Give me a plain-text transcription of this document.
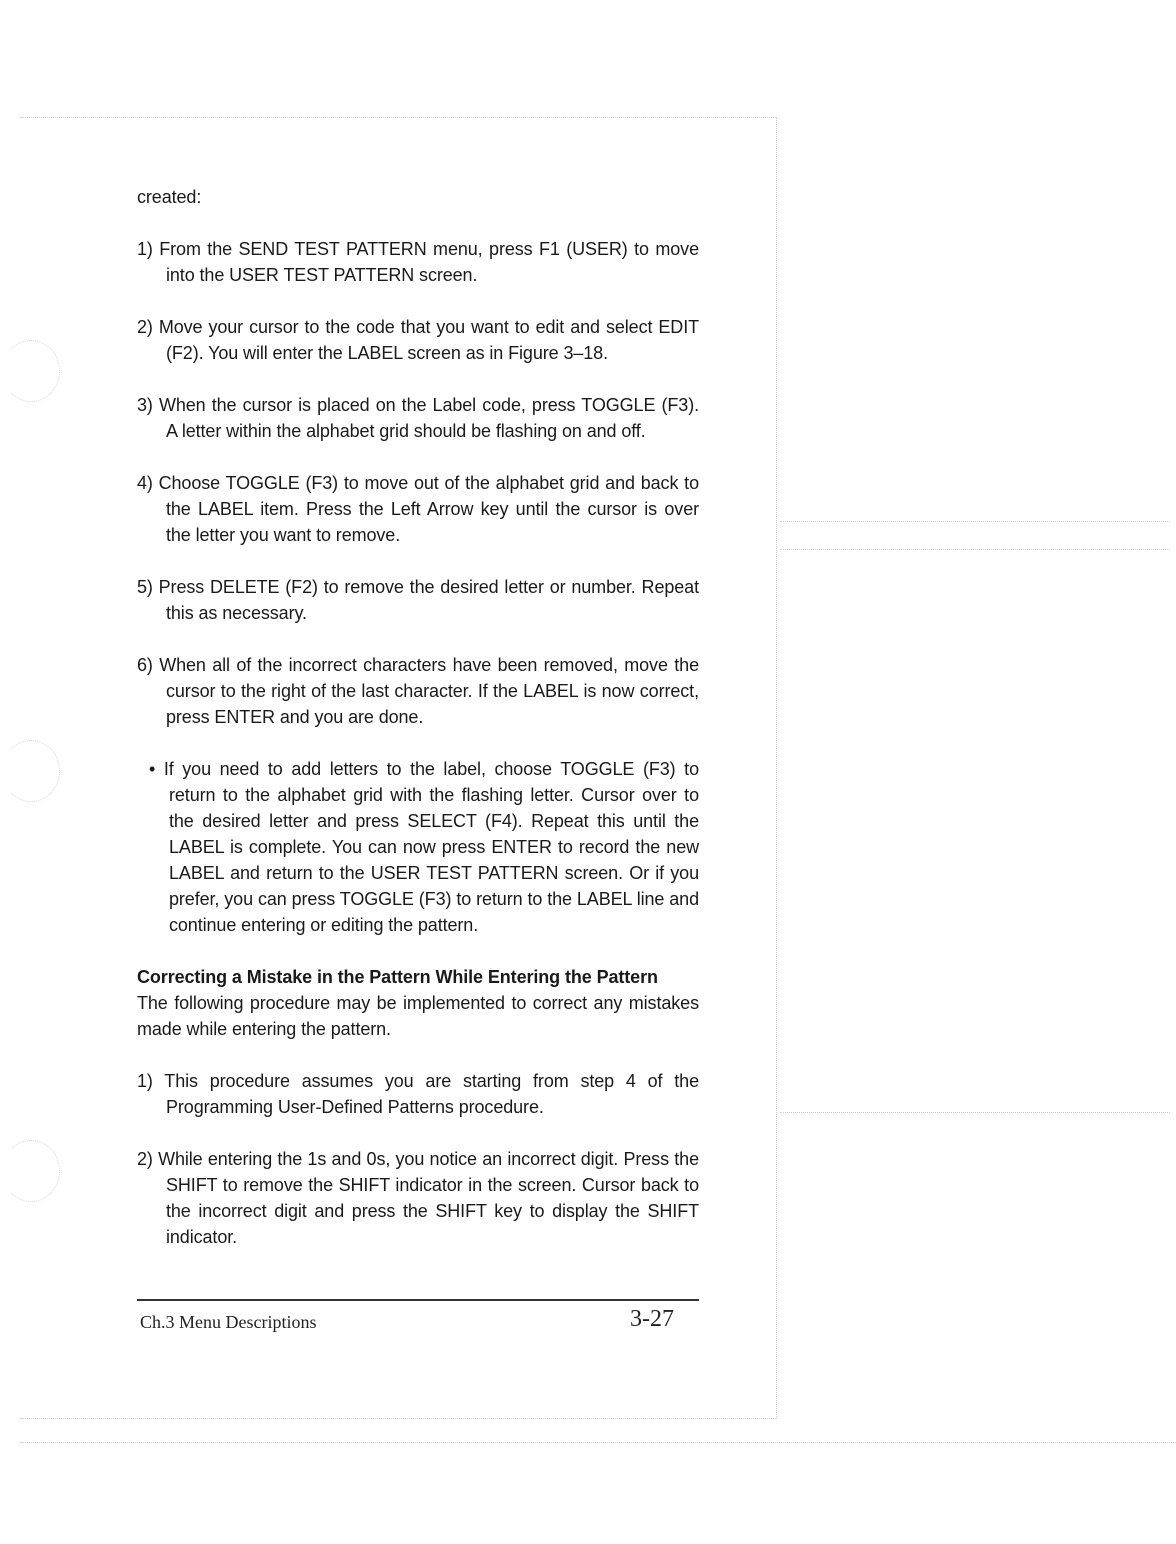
created:

1) From the SEND TEST PATTERN menu, press F1 (USER) to move into the USER TEST PATTERN screen.

2) Move your cursor to the code that you want to edit and select EDIT (F2). You will enter the LABEL screen as in Figure 3–18.

3) When the cursor is placed on the Label code, press TOGGLE (F3). A letter within the alphabet grid should be flashing on and off.

4) Choose TOGGLE (F3) to move out of the alphabet grid and back to the LABEL item. Press the Left Arrow key until the cursor is over the letter you want to remove.

5) Press DELETE (F2) to remove the desired letter or number. Repeat this as necessary.

6) When all of the incorrect characters have been removed, move the cursor to the right of the last character. If the LABEL is now correct, press ENTER and you are done.

• If you need to add letters to the label, choose TOGGLE (F3) to return to the alphabet grid with the flashing letter. Cursor over to the desired letter and press SELECT (F4). Repeat this until the LABEL is complete. You can now press ENTER to record the new LABEL and return to the USER TEST PATTERN screen. Or if you prefer, you can press TOGGLE (F3) to return to the LABEL line and continue entering or editing the pattern.

Correcting a Mistake in the Pattern While Entering the Pattern

The following procedure may be implemented to correct any mistakes made while entering the pattern.

1) This procedure assumes you are starting from step 4 of the Programming User-Defined Patterns procedure.

2) While entering the 1s and 0s, you notice an incorrect digit. Press the SHIFT to remove the SHIFT indicator in the screen. Cursor back to the incorrect digit and press the SHIFT key to display the SHIFT indicator.

Ch.3 Menu Descriptions	3-27
